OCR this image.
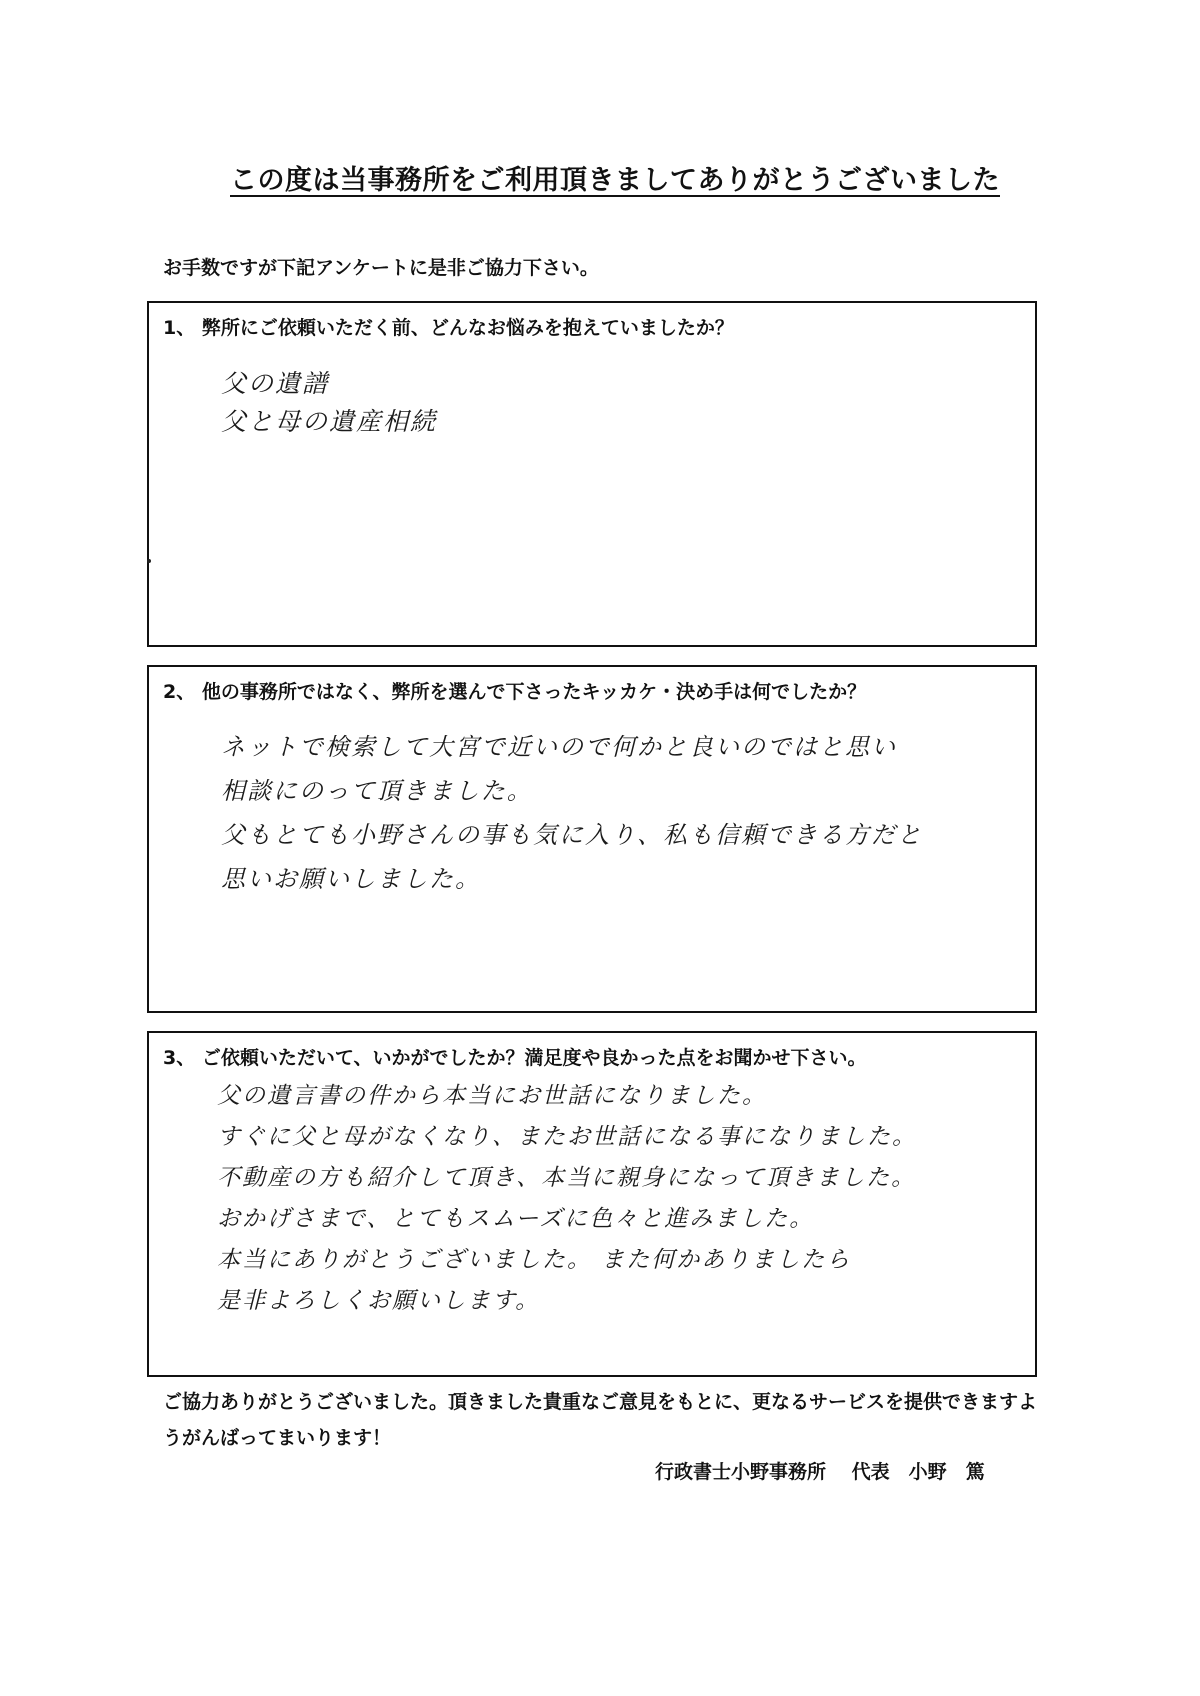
この度は当事務所をご利用頂きましてありがとうございました
お手数ですが下記アンケートに是非ご協力下さい。
1、 弊所にご依頼いただく前、どんなお悩みを抱えていましたか？
父の遺譜
父と母の遺産相続
2、 他の事務所ではなく、弊所を選んで下さったキッカケ・決め手は何でしたか？
ネットで検索して大宮で近いので何かと良いのではと思い
相談にのって頂きました。
父もとても小野さんの事も気に入り、私も信頼できる方だと
思いお願いしました。
3、 ご依頼いただいて、いかがでしたか？満足度や良かった点をお聞かせ下さい。
父の遺言書の件から本当にお世話になりました。
すぐに父と母がなくなり、またお世話になる事になりました。
不動産の方も紹介して頂き、本当に親身になって頂きました。
おかげさまで、とてもスムーズに色々と進みました。
本当にありがとうございました。 また何かありましたら
是非よろしくお願いします。
ご協力ありがとうございました。頂きました貴重なご意見をもとに、更なるサービスを提供できますようがんばってまいります！
行政書士小野事務所　 代表　小野　篤
